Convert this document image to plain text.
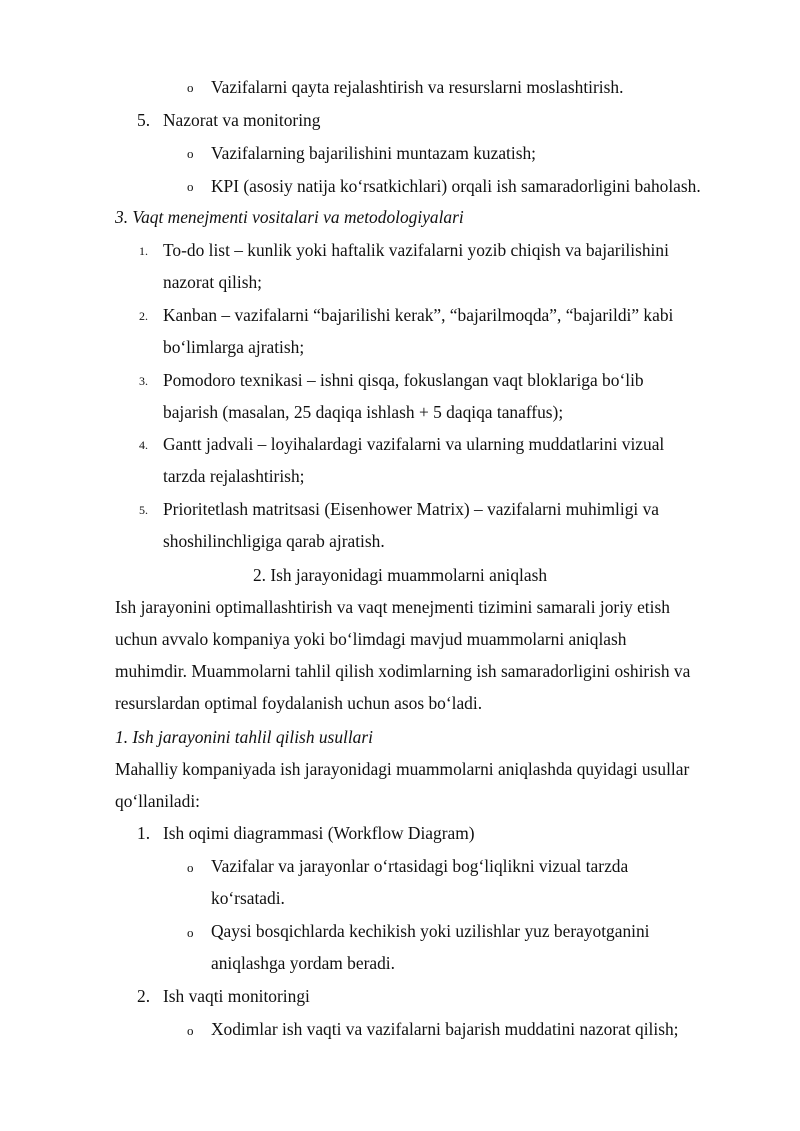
o Vazifalarni qayta rejalashtirish va resurslarni moslashtirish.
5. Nazorat va monitoring
o Vazifalarning bajarilishini muntazam kuzatish;
o KPI (asosiy natija ko‘rsatkichlari) orqali ish samaradorligini baholash.
3. Vaqt menejmenti vositalari va metodologiyalari
1. To-do list – kunlik yoki haftalik vazifalarni yozib chiqish va bajarilishini
nazorat qilish;
2. Kanban – vazifalarni “bajarilishi kerak”, “bajarilmoqda”, “bajarildi” kabi
bo‘limlarga ajratish;
3. Pomodoro texnikasi – ishni qisqa, fokuslangan vaqt bloklariga bo‘lib
bajarish (masalan, 25 daqiqa ishlash + 5 daqiqa tanaffus);
4. Gantt jadvali – loyihalardagi vazifalarni va ularning muddatlarini vizual
tarzda rejalashtirish;
5. Prioritetlash matritsasi (Eisenhower Matrix) – vazifalarni muhimligi va
shoshilinchligiga qarab ajratish.
2. Ish jarayonidagi muammolarni aniqlash
Ish jarayonini optimallashtirish va vaqt menejmenti tizimini samarali joriy etish
uchun avvalo kompaniya yoki bo‘limdagi mavjud muammolarni aniqlash
muhimdir. Muammolarni tahlil qilish xodimlarning ish samaradorligini oshirish va
resurslardan optimal foydalanish uchun asos bo‘ladi.
1. Ish jarayonini tahlil qilish usullari
Mahalliy kompaniyada ish jarayonidagi muammolarni aniqlashda quyidagi usullar
qo‘llaniladi:
1. Ish oqimi diagrammasi (Workflow Diagram)
o Vazifalar va jarayonlar o‘rtasidagi bog‘liqlikni vizual tarzda
ko‘rsatadi.
o Qaysi bosqichlarda kechikish yoki uzilishlar yuz berayotganini
aniqlashga yordam beradi.
2. Ish vaqti monitoringi
o Xodimlar ish vaqti va vazifalarni bajarish muddatini nazorat qilish;
